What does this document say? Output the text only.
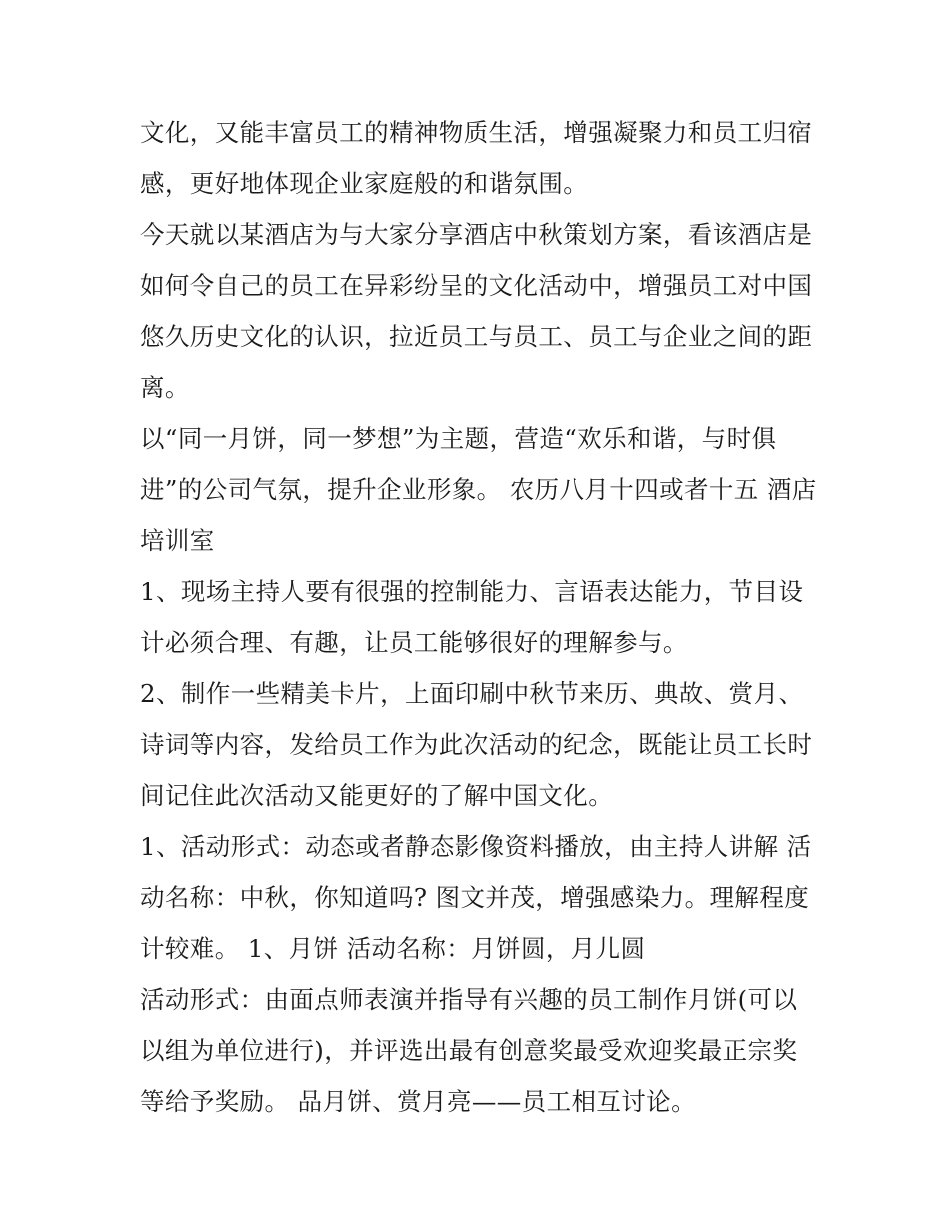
文化，又能丰富员工的精神物质生活，增强凝聚力和员工归宿
感，更好地体现企业家庭般的和谐氛围。
今天就以某酒店为与大家分享酒店中秋策划方案，看该酒店是
如何令自己的员工在异彩纷呈的文化活动中，增强员工对中国
悠久历史文化的认识，拉近员工与员工、员工与企业之间的距
离。
以“同一月饼，同一梦想”为主题，营造“欢乐和谐，与时俱
进”的公司气氛，提升企业形象。 农历八月十四或者十五 酒店
培训室
1、现场主持人要有很强的控制能力、言语表达能力，节目设
计必须合理、有趣，让员工能够很好的理解参与。
2、制作一些精美卡片，上面印刷中秋节来历、典故、赏月、
诗词等内容，发给员工作为此次活动的纪念，既能让员工长时
间记住此次活动又能更好的了解中国文化。
1、活动形式：动态或者静态影像资料播放，由主持人讲解 活
动名称：中秋，你知道吗? 图文并茂，增强感染力。理解程度
计较难。 1、月饼 活动名称：月饼圆，月儿圆
活动形式：由面点师表演并指导有兴趣的员工制作月饼(可以
以组为单位进行)，并评选出最有创意奖最受欢迎奖最正宗奖
等给予奖励。 品月饼、赏月亮——员工相互讨论。
